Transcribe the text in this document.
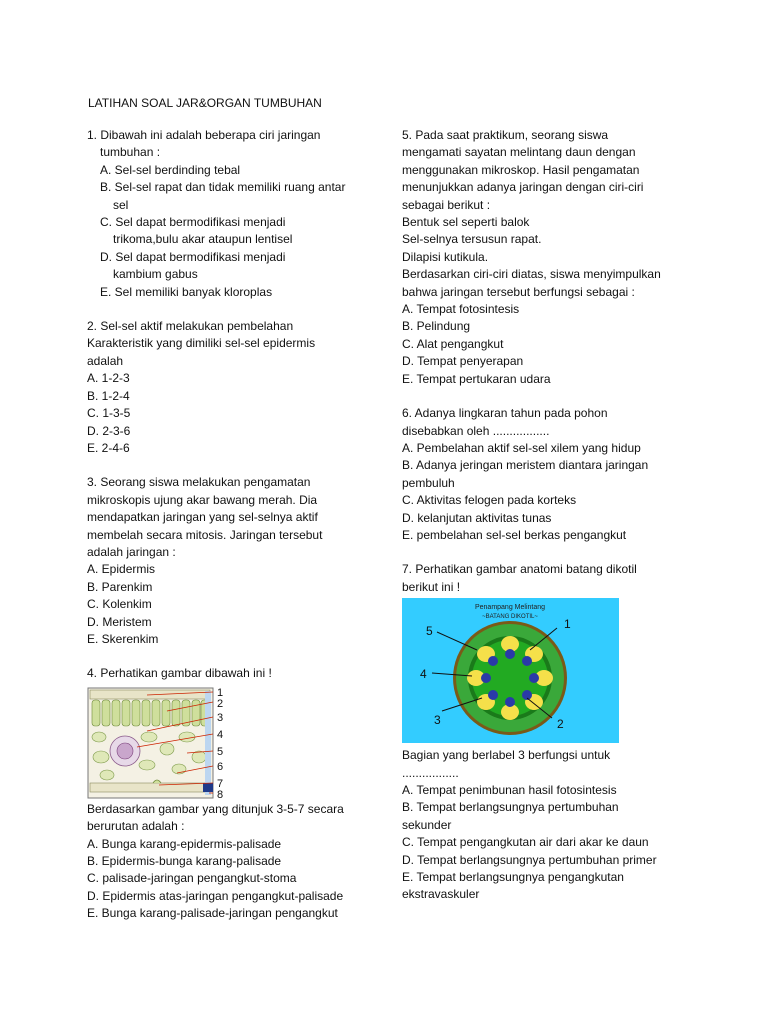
LATIHAN SOAL JAR&ORGAN TUMBUHAN
1. Dibawah ini adalah beberapa ciri jaringan
tumbuhan :
A. Sel-sel berdinding tebal
B. Sel-sel rapat dan tidak memiliki ruang antar
sel
C. Sel dapat bermodifikasi menjadi
trikoma,bulu akar ataupun lentisel
D. Sel dapat bermodifikasi menjadi
kambium gabus
E. Sel memiliki banyak kloroplas
2. Sel-sel aktif melakukan pembelahan
Karakteristik yang dimiliki sel-sel epidermis
adalah
A. 1-2-3
B. 1-2-4
C. 1-3-5
D. 2-3-6
E. 2-4-6
3. Seorang siswa melakukan pengamatan
mikroskopis ujung akar bawang merah. Dia
mendapatkan jaringan yang sel-selnya aktif
membelah secara mitosis. Jaringan tersebut
adalah jaringan :
A. Epidermis
B. Parenkim
C. Kolenkim
D. Meristem
E. Skerenkim
4. Perhatikan gambar dibawah ini !
1
2
3
4
5
6
7
8
Berdasarkan gambar yang ditunjuk 3-5-7 secara
berurutan adalah :
A. Bunga karang-epidermis-palisade
B. Epidermis-bunga karang-palisade
C. palisade-jaringan pengangkut-stoma
D. Epidermis atas-jaringan pengangkut-palisade
E. Bunga karang-palisade-jaringan pengangkut
5. Pada saat praktikum, seorang siswa
mengamati sayatan melintang daun dengan
menggunakan mikroskop. Hasil pengamatan
menunjukkan adanya jaringan dengan ciri-ciri
sebagai berikut :
Bentuk sel seperti balok
Sel-selnya tersusun rapat.
Dilapisi kutikula.
Berdasarkan ciri-ciri diatas, siswa menyimpulkan
bahwa jaringan tersebut berfungsi sebagai :
A. Tempat fotosintesis
B. Pelindung
C. Alat pengangkut
D. Tempat penyerapan
E. Tempat pertukaran udara
6. Adanya lingkaran tahun pada pohon
disebabkan oleh .................
A. Pembelahan aktif sel-sel xilem yang hidup
B. Adanya jeringan meristem diantara jaringan
pembuluh
C. Aktivitas felogen pada korteks
D. kelanjutan aktivitas tunas
E. pembelahan sel-sel berkas pengangkut
7. Perhatikan gambar anatomi batang dikotil
berikut ini !
Penampang Melintang
~BATANG DIKOTIL~ 1
2
3
4
5
Bagian yang berlabel 3 berfungsi untuk
.................
A. Tempat penimbunan hasil fotosintesis
B. Tempat berlangsungnya pertumbuhan
sekunder
C. Tempat pengangkutan air dari akar ke daun
D. Tempat berlangsungnya pertumbuhan primer
E. Tempat berlangsungnya pengangkutan
ekstravaskuler
